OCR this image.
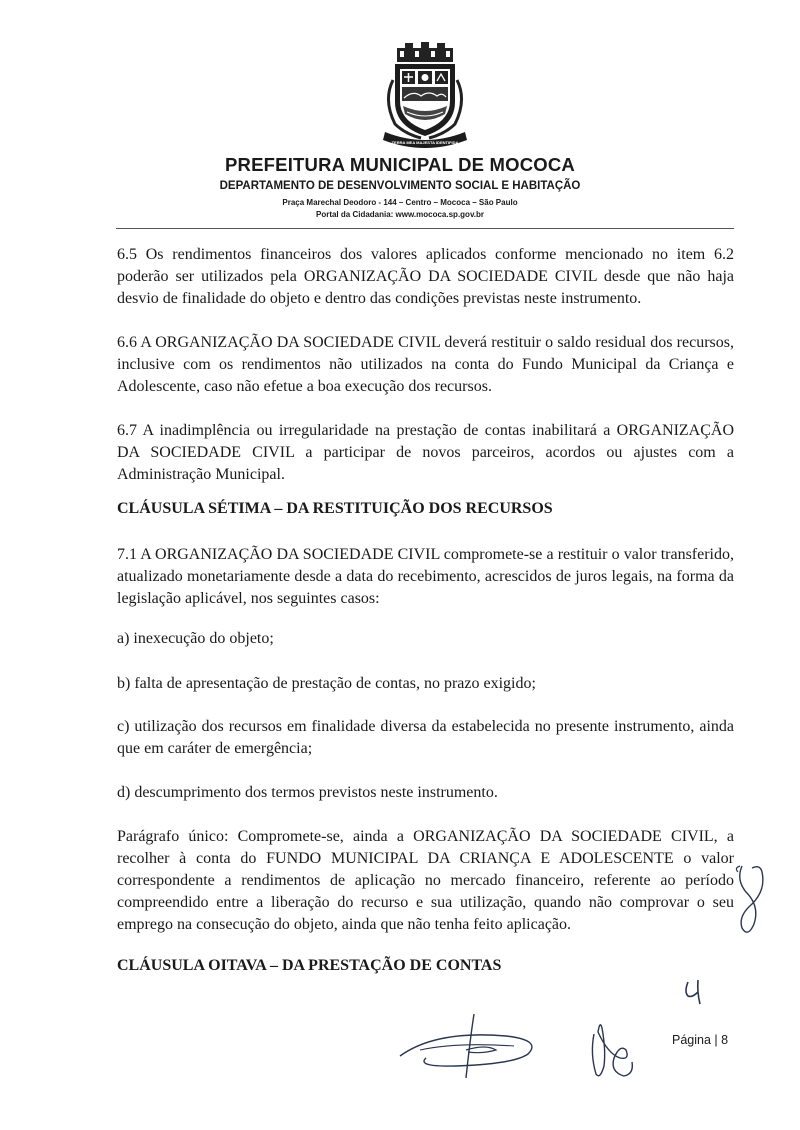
TERRA MEA MAJESTA IDENTIFIDA
PREFEITURA MUNICIPAL DE MOCOCA
DEPARTAMENTO DE DESENVOLVIMENTO SOCIAL E HABITAÇÃO
Praça Marechal Deodoro - 144 – Centro – Mococa – São Paulo
Portal da Cidadania: www.mococa.sp.gov.br

6.5 Os rendimentos financeiros dos valores aplicados conforme mencionado no item 6.2 poderão ser utilizados pela ORGANIZAÇÃO DA SOCIEDADE CIVIL desde que não haja desvio de finalidade do objeto e dentro das condições previstas neste instrumento.

6.6 A ORGANIZAÇÃO DA SOCIEDADE CIVIL deverá restituir o saldo residual dos recursos, inclusive com os rendimentos não utilizados na conta do Fundo Municipal da Criança e Adolescente, caso não efetue a boa execução dos recursos.

6.7 A inadimplência ou irregularidade na prestação de contas inabilitará a ORGANIZAÇÃO DA SOCIEDADE CIVIL a participar de novos parceiros, acordos ou ajustes com a Administração Municipal.

CLÁUSULA SÉTIMA – DA RESTITUIÇÃO DOS RECURSOS

7.1 A ORGANIZAÇÃO DA SOCIEDADE CIVIL compromete-se a restituir o valor transferido, atualizado monetariamente desde a data do recebimento, acrescidos de juros legais, na forma da legislação aplicável, nos seguintes casos:

a) inexecução do objeto;

b) falta de apresentação de prestação de contas, no prazo exigido;

c) utilização dos recursos em finalidade diversa da estabelecida no presente instrumento, ainda que em caráter de emergência;

d) descumprimento dos termos previstos neste instrumento.

Parágrafo único: Compromete-se, ainda a ORGANIZAÇÃO DA SOCIEDADE CIVIL, a recolher à conta do FUNDO MUNICIPAL DA CRIANÇA E ADOLESCENTE o valor correspondente a rendimentos de aplicação no mercado financeiro, referente ao período compreendido entre a liberação do recurso e sua utilização, quando não comprovar o seu emprego na consecução do objeto, ainda que não tenha feito aplicação.

CLÁUSULA OITAVA – DA PRESTAÇÃO DE CONTAS

Página | 8
